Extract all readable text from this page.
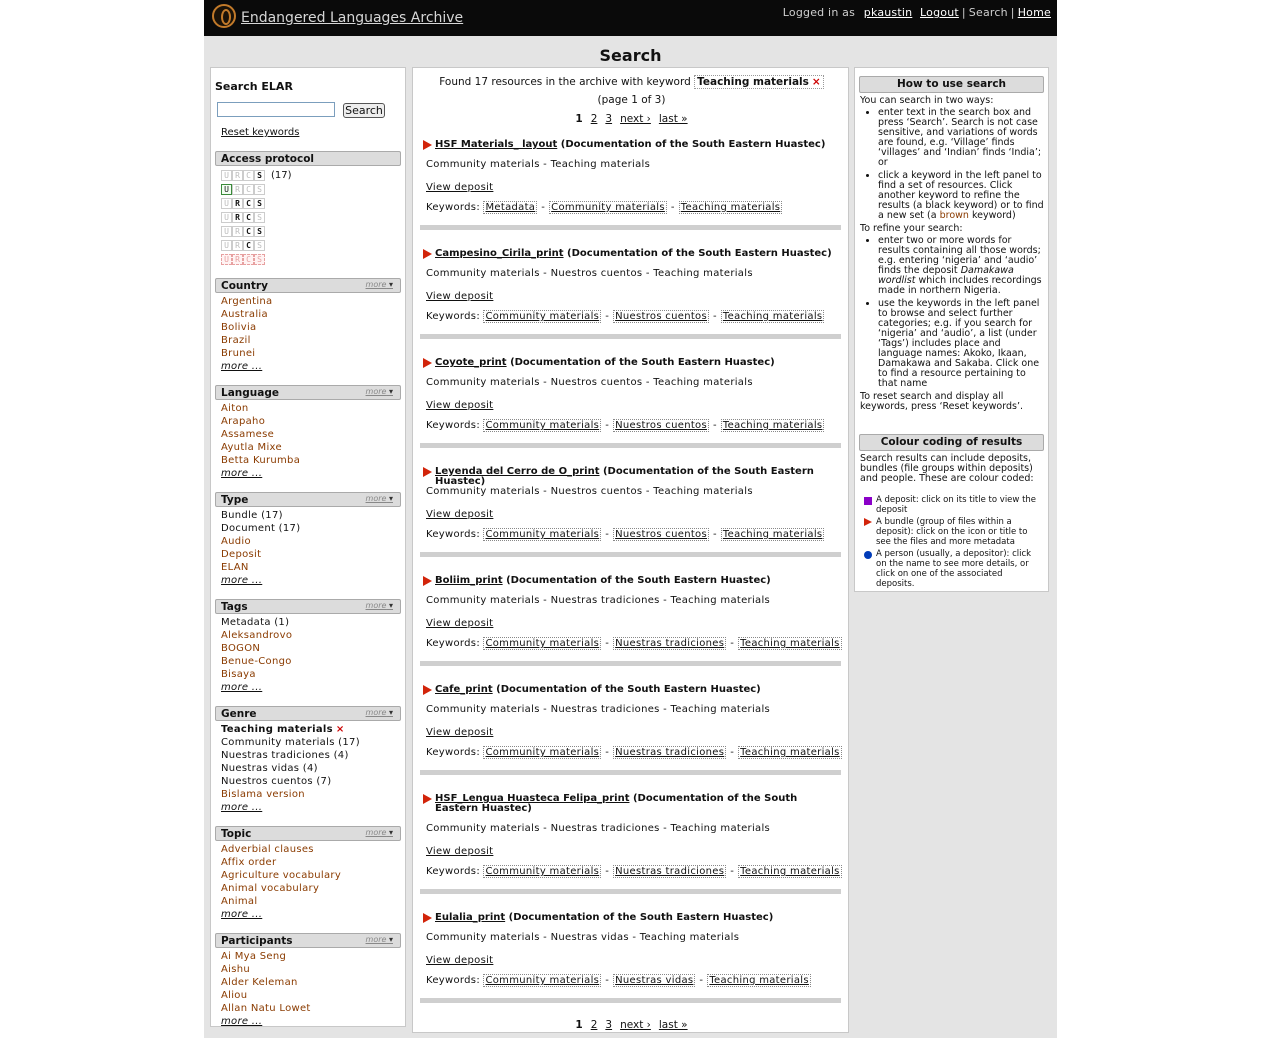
Endangered Languages Archive	Logged in as pkaustin Logout | Search | Home
Search
Search ELAR
Search
Reset keywords
Access protocol
U R C S (17)
U R C S
U R C S
U R C S
U R C S
U R C S
U R C S
Country	more ▾
Argentina
Australia
Bolivia
Brazil
Brunei
more ...
Language	more ▾
Aiton
Arapaho
Assamese
Ayutla Mixe
Betta Kurumba
more ...
Type	more ▾
Bundle (17)
Document (17)
Audio
Deposit
ELAN
more ...
Tags	more ▾
Metadata (1)
Aleksandrovo
BOGON
Benue-Congo
Bisaya
more ...
Genre	more ▾
Teaching materials ×
Community materials (17)
Nuestras tradiciones (4)
Nuestras vidas (4)
Nuestros cuentos (7)
Bislama version
more ...
Topic	more ▾
Adverbial clauses
Affix order
Agriculture vocabulary
Animal vocabulary
Animal
more ...
Participants	more ▾
Ai Mya Seng
Aishu
Alder Keleman
Aliou
Allan Natu Lowet
more ...
Found 17 resources in the archive with keyword Teaching materials ×
(page 1 of 3)
1 2 3 next › last »
HSF Materials_ layout (Documentation of the South Eastern Huastec)
Community materials - Teaching materials
View deposit
Keywords: Metadata - Community materials - Teaching materials
Campesino_Cirila_print (Documentation of the South Eastern Huastec)
Community materials - Nuestros cuentos - Teaching materials
View deposit
Keywords: Community materials - Nuestros cuentos - Teaching materials
Coyote_print (Documentation of the South Eastern Huastec)
Community materials - Nuestros cuentos - Teaching materials
View deposit
Keywords: Community materials - Nuestros cuentos - Teaching materials
Leyenda del Cerro de O_print (Documentation of the South Eastern Huastec)
Community materials - Nuestros cuentos - Teaching materials
View deposit
Keywords: Community materials - Nuestros cuentos - Teaching materials
Boliim_print (Documentation of the South Eastern Huastec)
Community materials - Nuestras tradiciones - Teaching materials
View deposit
Keywords: Community materials - Nuestras tradiciones - Teaching materials
Cafe_print (Documentation of the South Eastern Huastec)
Community materials - Nuestras tradiciones - Teaching materials
View deposit
Keywords: Community materials - Nuestras tradiciones - Teaching materials
HSF_Lengua Huasteca Felipa_print (Documentation of the South Eastern Huastec)
Community materials - Nuestras tradiciones - Teaching materials
View deposit
Keywords: Community materials - Nuestras tradiciones - Teaching materials
Eulalia_print (Documentation of the South Eastern Huastec)
Community materials - Nuestras vidas - Teaching materials
View deposit
Keywords: Community materials - Nuestras vidas - Teaching materials
1 2 3 next › last »
How to use search
You can search in two ways:
• enter text in the search box and press ‘Search’. Search is not case sensitive, and variations of words are found, e.g. ‘Village’ finds ‘villages’ and ‘Indian’ finds ‘India’; or
• click a keyword in the left panel to find a set of resources. Click another keyword to refine the results (a black keyword) or to find a new set (a brown keyword)
To refine your search:
• enter two or more words for results containing all those words; e.g. entering ‘nigeria’ and ‘audio’ finds the deposit Damakawa wordlist which includes recordings made in northern Nigeria.
• use the keywords in the left panel to browse and select further categories; e.g. if you search for ‘nigeria’ and ‘audio’, a list (under ‘Tags’) includes place and language names: Akoko, Ikaan, Damakawa and Sakaba. Click one to find a resource pertaining to that name
To reset search and display all keywords, press ‘Reset keywords’.
Colour coding of results
Search results can include deposits, bundles (file groups within deposits) and people. These are colour coded:
A deposit: click on its title to view the deposit
A bundle (group of files within a deposit): click on the icon or title to see the files and more metadata
A person (usually, a depositor): click on the name to see more details, or click on one of the associated deposits.
